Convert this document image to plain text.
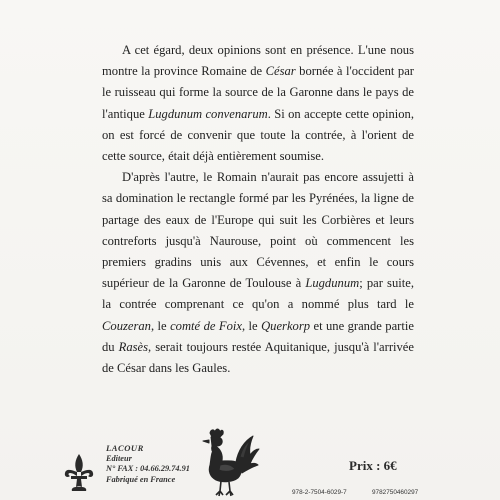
A cet égard, deux opinions sont en présence. L'une nous montre la province Romaine de César bornée à l'occident par le ruisseau qui forme la source de la Garonne dans le pays de l'antique Lugdunum convenarum. Si on accepte cette opinion, on est forcé de convenir que toute la contrée, à l'orient de cette source, était déjà entièrement soumise.

D'après l'autre, le Romain n'aurait pas encore assujetti à sa domination le rectangle formé par les Pyrénées, la ligne de partage des eaux de l'Europe qui suit les Corbières et leurs contreforts jusqu'à Naurouse, point où commencent les premiers gradins unis aux Cévennes, et enfin le cours supérieur de la Garonne de Toulouse à Lugdunum; par suite, la contrée comprenant ce qu'on a nommé plus tard le Couzeran, le comté de Foix, le Querkorp et une grande partie du Rasès, serait toujours restée Aquitanique, jusqu'à l'arrivée de César dans les Gaules.

LACOUR
Editeur
N° FAX : 04.66.29.74.91
Fabriqué en France
Prix : 6€
978-2-7504-6029-7	9782750460297
